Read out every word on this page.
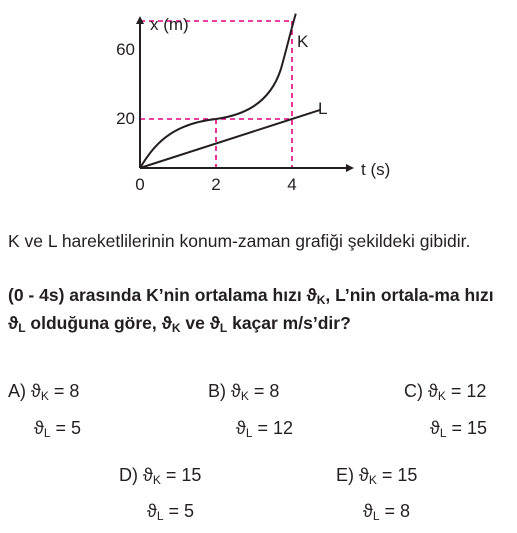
x (m)
t (s)
0	2	4
20
60	K
L

K ve L hareketlilerinin konum-zaman grafiği şekildeki gibidir.

(0 - 4s) arasında K’nin ortalama hızı $ϑ_K$, L’nin ortala-ma hızı $ϑ_L$ olduğuna göre, $ϑ_K$ ve $ϑ_L$ kaçar m/s’dir?

A) $ϑ_K = 8$
$ϑ_L = 5$
B) $ϑ_K = 8$
$ϑ_L = 12$
C) $ϑ_K = 12$
$ϑ_L = 15$
D) $ϑ_K = 15$
$ϑ_L = 5$
E) $ϑ_K = 15$
$ϑ_L = 8$
